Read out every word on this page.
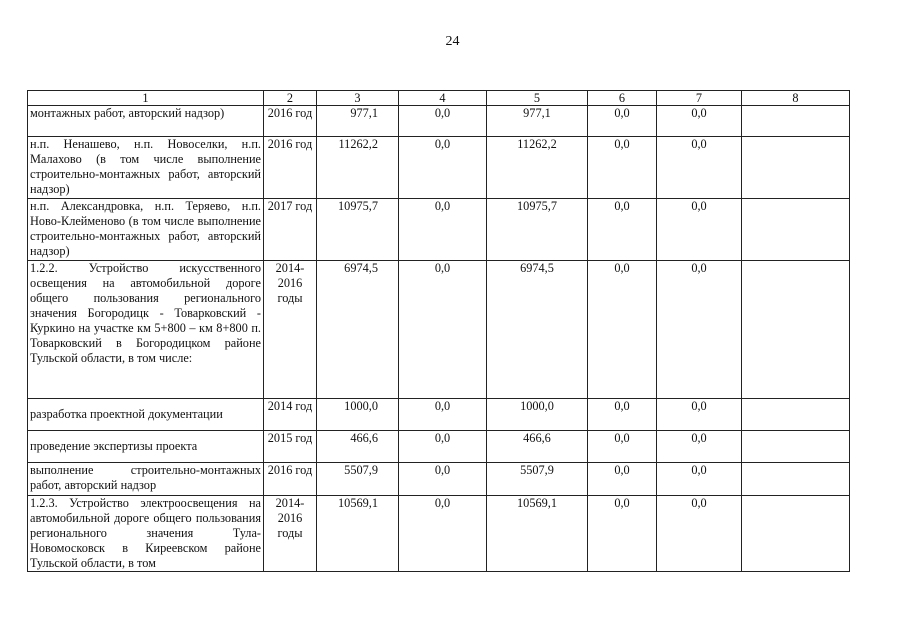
24
1	2	3	4	5	6	7	8
монтажных работ, авторский надзор)	2016 год	977,1	0,0	977,1	0,0	0,0	
н.п. Ненашево, н.п. Новоселки, н.п. Малахово (в том числе выполнение строительно-монтажных работ, авторский надзор)	2016 год	11262,2	0,0	11262,2	0,0	0,0	
н.п. Александровка, н.п. Теряево, н.п. Ново-Клейменово (в том числе выполнение строительно-монтажных работ, авторский надзор)	2017 год	10975,7	0,0	10975,7	0,0	0,0	
1.2.2. Устройство искусственного освещения на автомобильной дороге общего пользования регионального значения Богородицк - Товарковский - Куркино на участке км 5+800 – км 8+800 п. Товарковский в Богородицком районе Тульской области, в том числе:	2014-2016 годы	6974,5	0,0	6974,5	0,0	0,0	
разработка проектной документации	2014 год	1000,0	0,0	1000,0	0,0	0,0	
проведение экспертизы проекта	2015 год	466,6	0,0	466,6	0,0	0,0	
выполнение строительно-монтажных работ, авторский надзор	2016 год	5507,9	0,0	5507,9	0,0	0,0	
1.2.3. Устройство электроосвещения на автомобильной дороге общего пользования регионального значения Тула-Новомосковск в Киреевском районе Тульской области, в том	2014-2016 годы	10569,1	0,0	10569,1	0,0	0,0	
